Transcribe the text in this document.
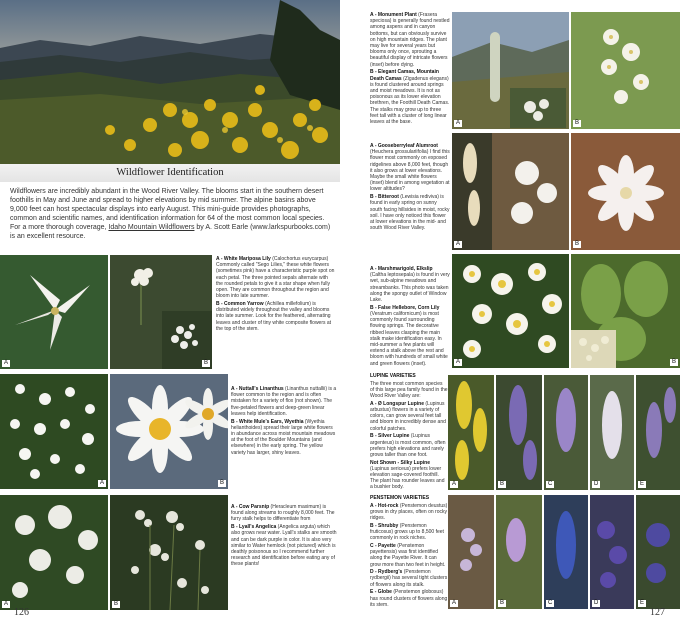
Wildflower Identification
Wildflowers are incredibly abundant in the Wood River Valley. The blooms start in the southern desert foothills in May and June and spread to higher elevations by mid summer. The alpine basins above 9,000 feet can host spectacular displays into early August. This mini-guide provides photographs, common and scientific names, and identification information for 64 of the most common local species. For a more thorough coverage, Idaho Mountain Wildflowers by A. Scott Earle (www.larkspurbooks.com) is an excellent resource.
A	B

A - White Mariposa Lily (Calochortus eurycarpus) Commonly called "Sego Lilies," these white flowers (sometimes pink) have a characteristic purple spot on each petal. The three pointed sepals alternate with the rounded petals to give it a star shape when fully open. They are common throughout the region and bloom into late summer.

B - Common Yarrow (Achillea millefolium) is distributed widely throughout the valley and blooms into late summer. Look for the feathered, alternating leaves and cluster of tiny white composite flowers at the top of the stem.

A	B

A - Nuttall's Linanthus (Linanthus nuttallii) is a flower common to the region and is often mistaken for a variety of flox (not shown). The five-petaled flowers and deep-green linear leaves help identification.

B - White Mule's Ears, Wyethia (Wyethia helianthoides) spread their large white flowers in abundance across moist mountain meadows at the foot of the Boulder Mountains (and elsewhere) in the early spring. The yellow variety has larger, shiny leaves.

A	B

A - Cow Parsnip (Heracleum maximum) is found along streams to roughly 8,000 feet. The furry stalk helps to differentiate from

B - Lyall's Angelica (Angelica arguta) which also grows near water. Lyall's stalks are smooth and can be dark purple in color. It is also very similar to Water hemlock (not pictured) which is deathly poisonous so I recommend further research and identification before eating any of these plants!

126

A - Monument Plant (Frasera speciosa) is generally found nestled among aspens and in canyon bottoms, but can obviously survive on high mountain ridges. The plant may live for several years but blooms only once, sprouting a beautiful display of intricate flowers (inset) before dying.

B - Elegant Camas, Mountain Death Camas (Zigadenus elegans) is found clustered around springs and moist meadows. It is not as poisonous as its lower elevation brethren, the Foothill Death Camas. The stalks may grow up to three feet tall with a cluster of long linear leaves at the base.	A	B

A - Gooseberryleaf Alumroot (Heuchera grossulariifolia) I find this flower most commonly on exposed ridgelines above 8,000 feet, though it also grows at lower elevations. Maybe the small white flowers (inset) blend in among vegetation at lower altitudes?

B - Bitteroot (Lewisia rediviva) is found in early spring on sunny south facing hillsides in moist, rocky soil. I have only noticed this flower at lower elevations in the mid- and south Wood River Valley.

A	B

A - Marshmarigold, Elkslip (Caltha leptosepala) is found in very wet, sub-alpine meadows and streambanks. This photo was taken along the spongy outlet of Window Lake.

B - False Hellebore, Corn Lily (Veratrum californicum) is most commonly found surrounding flowing springs. The decorative ribbed leaves clasping the main stalk make identification easy. In mid-summer a few plants will extend a stalk above the rest and bloom with hundreds of small white and green flowers (inset).	A	B

LUPINE VARIETIES

The three most common species of this large pea family found in the Wood River Valley are:

A - Ø Longspur Lupine (Lupinus arbustus) flowers in a variety of colors, can grow several feet tall and bloom in incredibly dense and colorful patches.

B - Silver Lupine (Lupinus argenteus) is most common, often prefers high elevations and rarely grows taller than one foot.

Not Shown - Silky Lupine (Lupinus sericeus) prefers lower elevation sage-covered foothill. The plant has rounder leaves and a bushier body.

A	B	C	D	E

PENSTEMON VARIETIES

A - Hot-rock (Penstemon deustus) grows in dry places, often on rocky ridges.

B - Shrubby (Penstemon fruticosus) grows up to 8,500 feet commonly in rock niches.

C - Payette (Penstemon payettensis) was first identified along the Payette River. It can grow more than two feet in height.

D - Rydberg's (Penstemon rydbergii) has several tight clusters of flowers along its stalk.

E - Globe (Penstemon globosus) has round clusters of flowers along its stem.	A	B	C	D	E
127
